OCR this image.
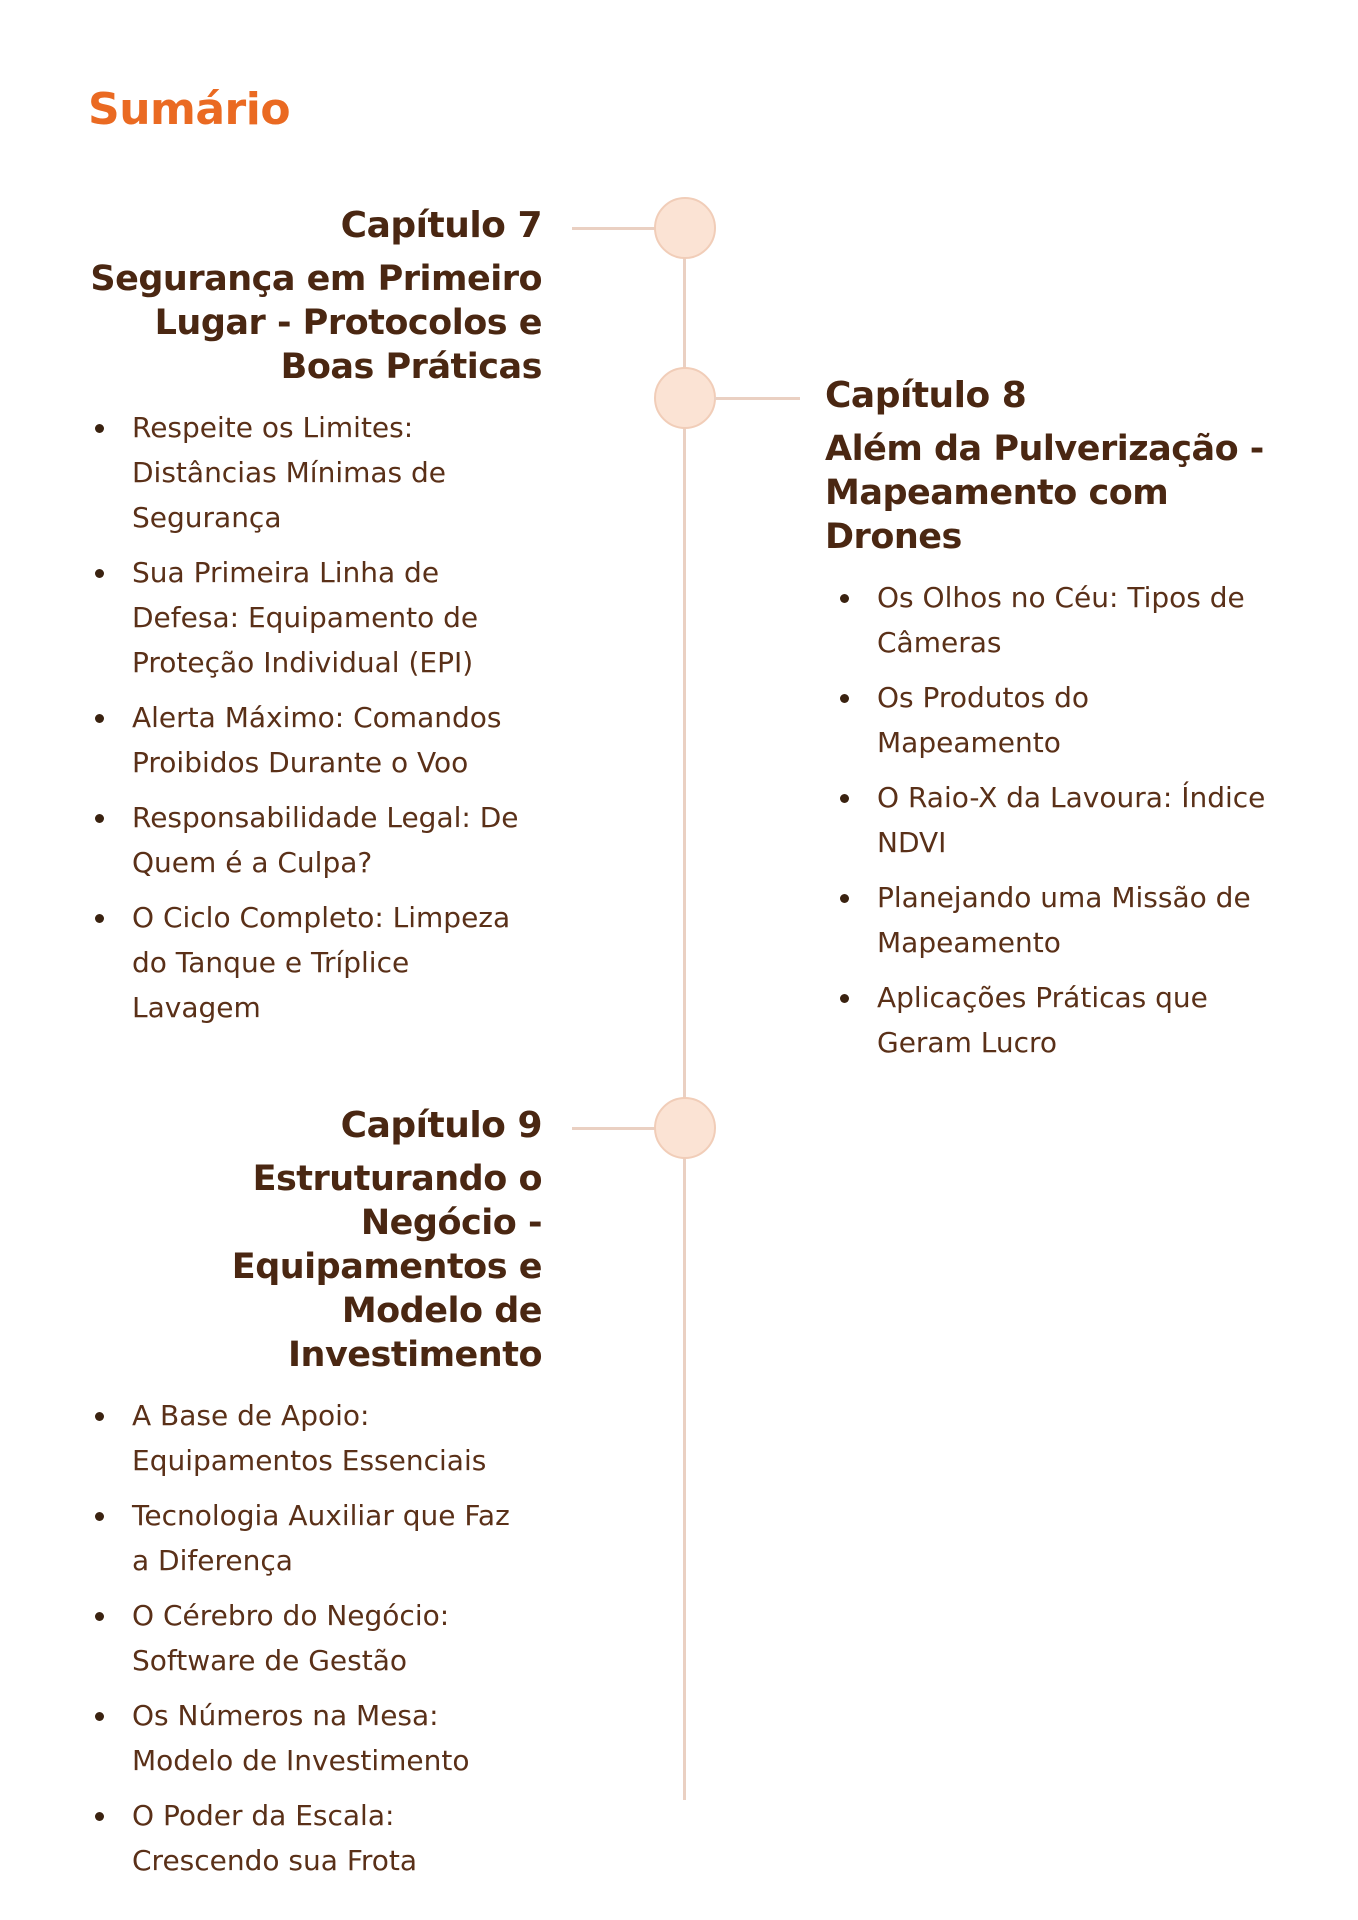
Sumário
Capítulo 7
Segurança em Primeiro Lugar - Protocolos e Boas Práticas
Respeite os Limites: Distâncias Mínimas de Segurança
Sua Primeira Linha de Defesa: Equipamento de Proteção Individual (EPI)
Alerta Máximo: Comandos Proibidos Durante o Voo
Responsabilidade Legal: De Quem é a Culpa?
O Ciclo Completo: Limpeza do Tanque e Tríplice Lavagem
Capítulo 8
Além da Pulverização - Mapeamento com Drones
Os Olhos no Céu: Tipos de Câmeras
Os Produtos do Mapeamento
O Raio-X da Lavoura: Índice NDVI
Planejando uma Missão de Mapeamento
Aplicações Práticas que Geram Lucro
Capítulo 9
Estruturando o Negócio - Equipamentos e Modelo de Investimento
A Base de Apoio: Equipamentos Essenciais
Tecnologia Auxiliar que Faz a Diferença
O Cérebro do Negócio: Software de Gestão
Os Números na Mesa: Modelo de Investimento
O Poder da Escala: Crescendo sua Frota
